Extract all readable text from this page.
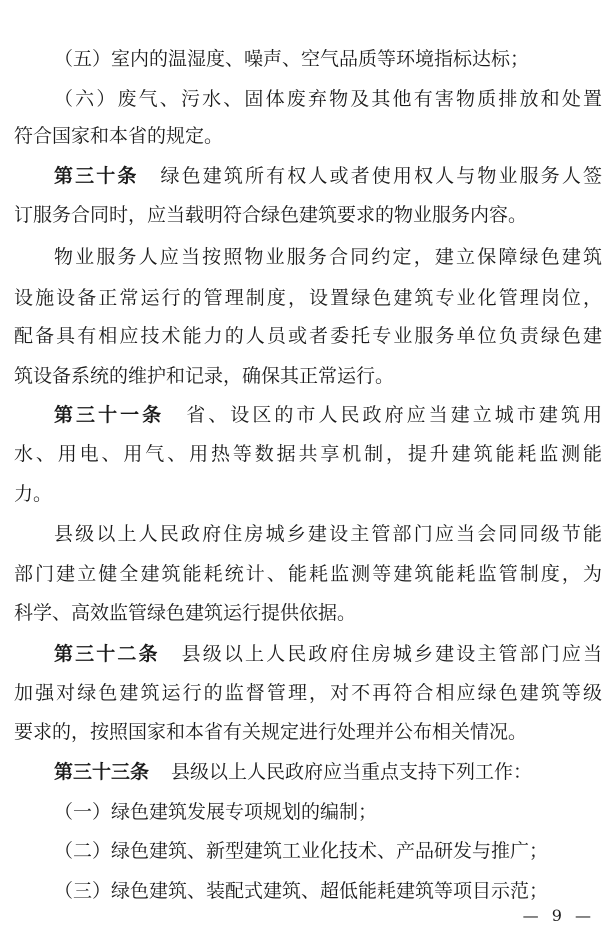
（五）室内的温湿度、噪声、空气品质等环境指标达标；
（六）废气、污水、固体废弃物及其他有害物质排放和处置
符合国家和本省的规定。
第三十条 绿色建筑所有权人或者使用权人与物业服务人签
订服务合同时，应当载明符合绿色建筑要求的物业服务内容。
物业服务人应当按照物业服务合同约定，建立保障绿色建筑
设施设备正常运行的管理制度，设置绿色建筑专业化管理岗位，
配备具有相应技术能力的人员或者委托专业服务单位负责绿色建
筑设备系统的维护和记录，确保其正常运行。
第三十一条 省、设区的市人民政府应当建立城市建筑用
水、用电、用气、用热等数据共享机制，提升建筑能耗监测能
力。
县级以上人民政府住房城乡建设主管部门应当会同同级节能
部门建立健全建筑能耗统计、能耗监测等建筑能耗监管制度，为
科学、高效监管绿色建筑运行提供依据。
第三十二条 县级以上人民政府住房城乡建设主管部门应当
加强对绿色建筑运行的监督管理，对不再符合相应绿色建筑等级
要求的，按照国家和本省有关规定进行处理并公布相关情况。
第三十三条 县级以上人民政府应当重点支持下列工作：
（一）绿色建筑发展专项规划的编制；
（二）绿色建筑、新型建筑工业化技术、产品研发与推广；
（三）绿色建筑、装配式建筑、超低能耗建筑等项目示范；
— 9 —
